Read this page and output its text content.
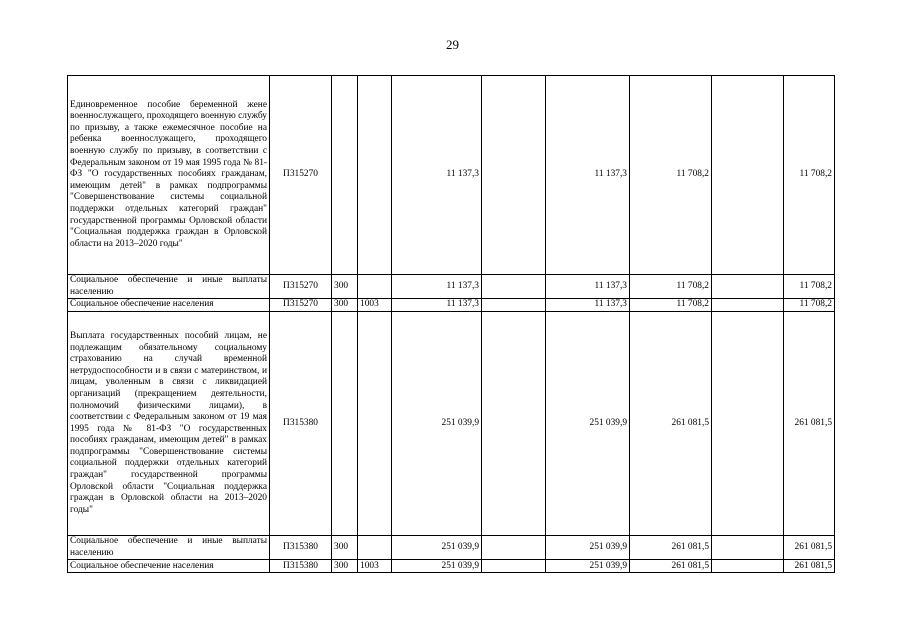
29
Единовременное пособие беременной жене военнослужащего, проходящего военную службу по призыву, а также ежемесячное пособие на ребенка военнослужащего, проходящего военную службу по призыву, в соответствии с Федеральным законом от 19 мая 1995 года № 81-ФЗ "О государственных пособиях гражданам, имеющим детей" в рамках подпрограммы "Совершенствование системы социальной поддержки отдельных категорий граждан" государственной программы Орловской области "Социальная поддержка граждан в Орловской области на 2013–2020 годы"	П315270			11 137,3		11 137,3	11 708,2		11 708,2
Социальное обеспечение и иные выплаты населению	П315270	300		11 137,3		11 137,3	11 708,2		11 708,2
Социальное обеспечение населения	П315270	300	1003	11 137,3		11 137,3	11 708,2		11 708,2
Выплата государственных пособий лицам, не подлежащим обязательному социальному страхованию на случай временной нетрудоспособности и в связи с материнством, и лицам, уволенным в связи с ликвидацией организаций (прекращением деятельности, полномочий физическими лицами), в соответствии с Федеральным законом от 19 мая 1995 года № 81-ФЗ "О государственных пособиях гражданам, имеющим детей" в рамках подпрограммы "Совершенствование системы социальной поддержки отдельных категорий граждан" государственной программы Орловской области "Социальная поддержка граждан в Орловской области на 2013–2020 годы"	П315380			251 039,9		251 039,9	261 081,5		261 081,5
Социальное обеспечение и иные выплаты населению	П315380	300		251 039,9		251 039,9	261 081,5		261 081,5
Социальное обеспечение населения	П315380	300	1003	251 039,9		251 039,9	261 081,5		261 081,5
